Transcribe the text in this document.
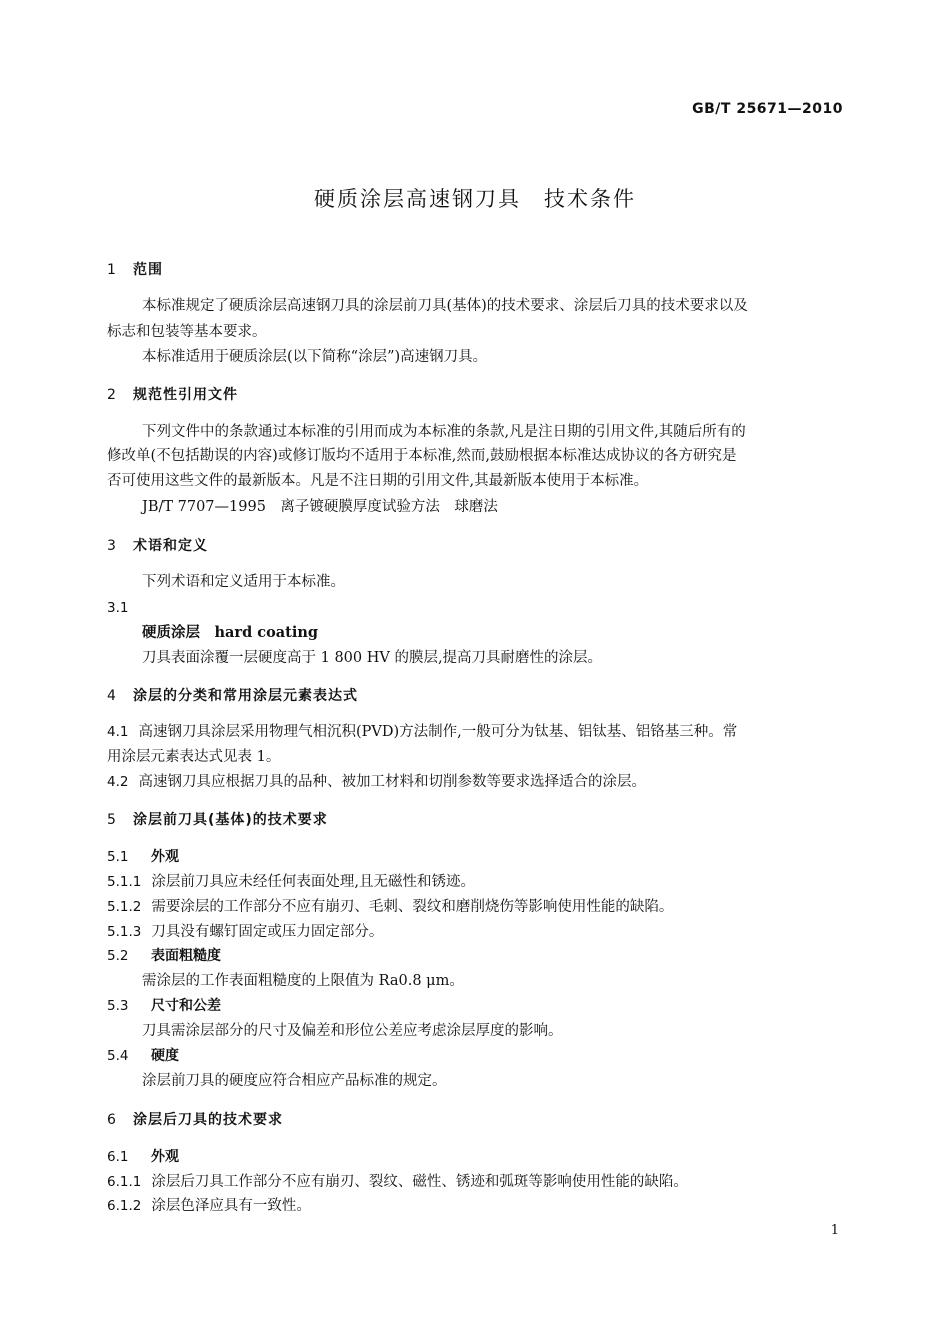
GB/T 25671—2010
硬质涂层高速钢刀具　技术条件
1 范围
本标准规定了硬质涂层高速钢刀具的涂层前刀具(基体)的技术要求、涂层后刀具的技术要求以及
标志和包装等基本要求。
本标准适用于硬质涂层(以下简称“涂层”)高速钢刀具。
2 规范性引用文件
下列文件中的条款通过本标准的引用而成为本标准的条款,凡是注日期的引用文件,其随后所有的
修改单(不包括勘误的内容)或修订版均不适用于本标准,然而,鼓励根据本标准达成协议的各方研究是
否可使用这些文件的最新版本。凡是不注日期的引用文件,其最新版本使用于本标准。
JB/T 7707—1995　离子镀硬膜厚度试验方法　球磨法
3 术语和定义
下列术语和定义适用于本标准。
3.1
硬质涂层　hard coating
刀具表面涂覆一层硬度高于 1 800 HV 的膜层,提高刀具耐磨性的涂层。
4 涂层的分类和常用涂层元素表达式
4.1 高速钢刀具涂层采用物理气相沉积(PVD)方法制作,一般可分为钛基、铝钛基、铝铬基三种。常
用涂层元素表达式见表 1。
4.2 高速钢刀具应根据刀具的品种、被加工材料和切削参数等要求选择适合的涂层。
5 涂层前刀具(基体)的技术要求
5.1 外观
5.1.1 涂层前刀具应未经任何表面处理,且无磁性和锈迹。
5.1.2 需要涂层的工作部分不应有崩刃、毛刺、裂纹和磨削烧伤等影响使用性能的缺陷。
5.1.3 刀具没有螺钉固定或压力固定部分。
5.2 表面粗糙度
需涂层的工作表面粗糙度的上限值为 Ra0.8 μm。
5.3 尺寸和公差
刀具需涂层部分的尺寸及偏差和形位公差应考虑涂层厚度的影响。
5.4 硬度
涂层前刀具的硬度应符合相应产品标准的规定。
6 涂层后刀具的技术要求
6.1 外观
6.1.1 涂层后刀具工作部分不应有崩刃、裂纹、磁性、锈迹和弧斑等影响使用性能的缺陷。
6.1.2 涂层色泽应具有一致性。
1
